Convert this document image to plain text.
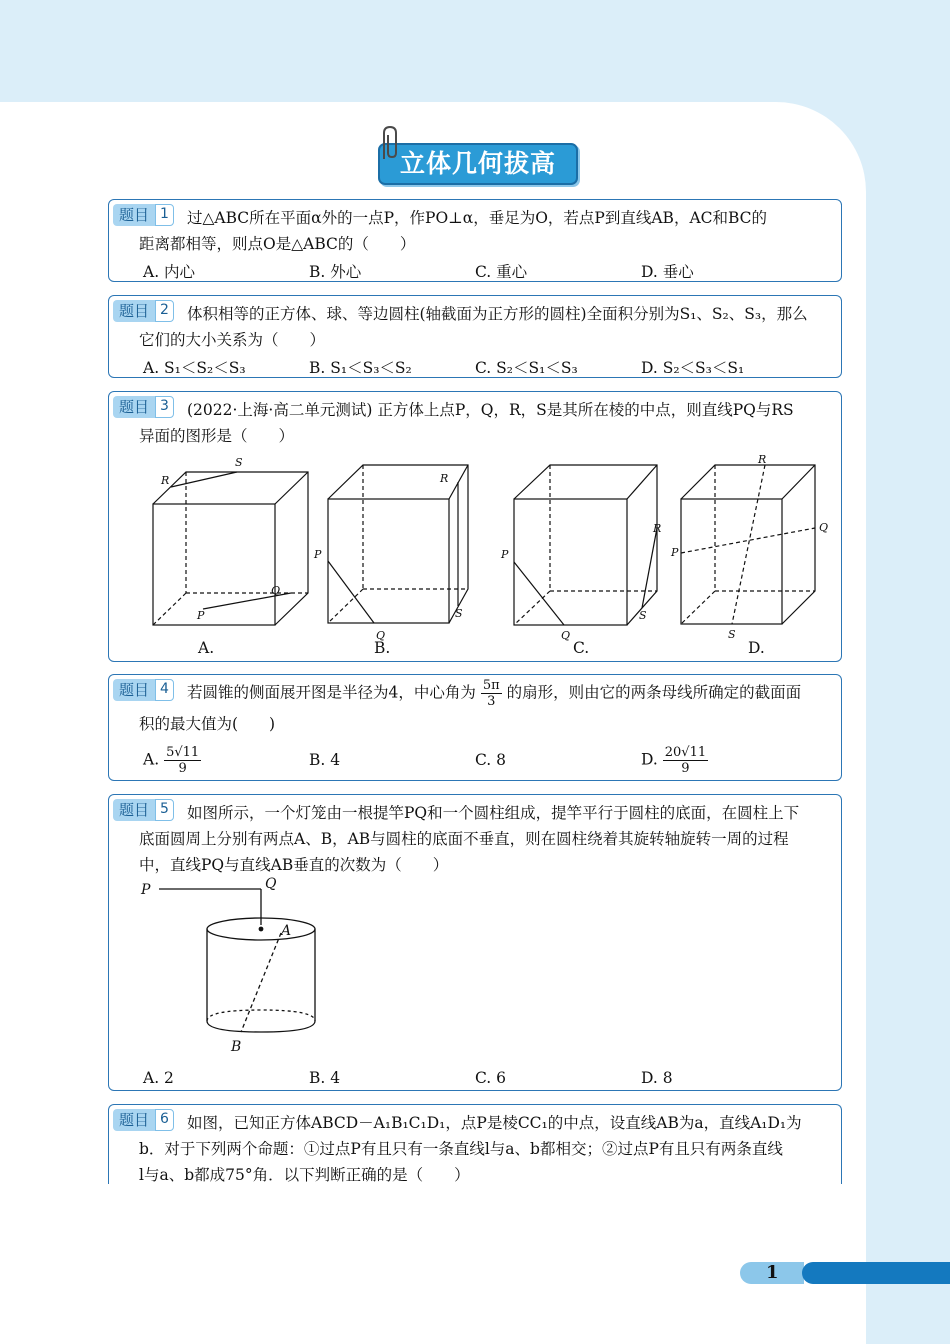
立体几何拔高
题目 1	过△ABC所在平面α外的一点P，作PO⊥α，垂足为O，若点P到直线AB，AC和BC的
距离都相等，则点O是△ABC的（　　）
A. 内心	B. 外心	C. 重心	D. 垂心
题目 2	体积相等的正方体、球、等边圆柱(轴截面为正方形的圆柱)全面积分别为S₁、S₂、S₃，那么
它们的大小关系为（　　）
A. S₁＜S₂＜S₃	B. S₁＜S₃＜S₂	C. S₂＜S₁＜S₃	D. S₂＜S₃＜S₁
题目 3	(2022·上海·高二单元测试) 正方体上点P，Q，R，S是其所在棱的中点，则直线PQ与RS
异面的图形是（　　）
R
S
P
Q
R
P
Q
S
P
R
Q
S
R
Q
P
S
A.	B.	C.	D.
题目 4	若圆锥的侧面展开图是半径为4，中心角为 $\frac{5\pi}{3}$ 的扇形，则由它的两条母线所确定的截面面
积的最大值为(　　)
A. $\frac{5√11}{9}$	B. 4	C. 8	D. $\frac{20√11}{9}$
题目 5	如图所示，一个灯笼由一根提竿PQ和一个圆柱组成，提竿平行于圆柱的底面，在圆柱上下
底面圆周上分别有两点A、B，AB与圆柱的底面不垂直，则在圆柱绕着其旋转轴旋转一周的过程
中，直线PQ与直线AB垂直的次数为（　　）
P	Q
A
B
A. 2	B. 4	C. 6	D. 8
题目 6	如图，已知正方体ABCD－A₁B₁C₁D₁，点P是棱CC₁的中点，设直线AB为a，直线A₁D₁为
b．对于下列两个命题：①过点P有且只有一条直线l与a、b都相交；②过点P有且只有两条直线
l与a、b都成75°角．以下判断正确的是（　　）
1
